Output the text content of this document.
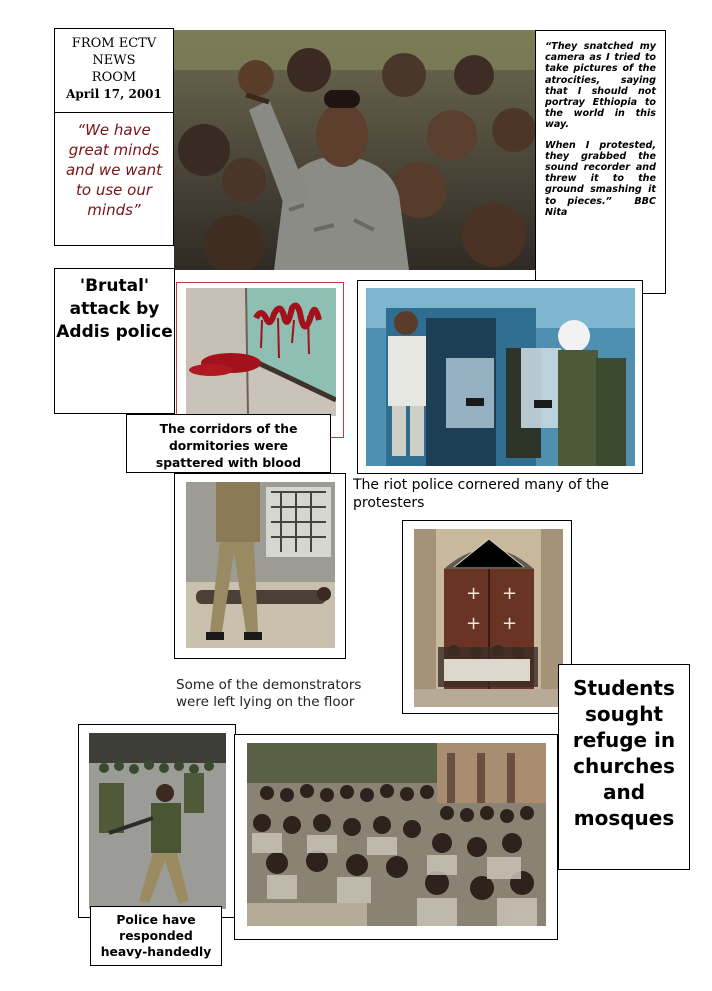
FROM ECTV
NEWS
ROOM
April 17, 2001
“We have great minds and we want to use our minds”

“They snatched my camera as I tried to take pictures of the atrocities, saying that I should not portray Ethiopia to the world in this way.

When I protested, they grabbed the sound recorder and threw it to the ground smashing it to pieces.” BBC Nita

'Brutal' attack by Addis police
The corridors of the dormitories were spattered with blood
The riot police cornered many of the protesters
+ +
+ +
Some of the demonstrators
were left lying on the floor
Students sought refuge in churches and mosques
Police have responded heavy-handedly
